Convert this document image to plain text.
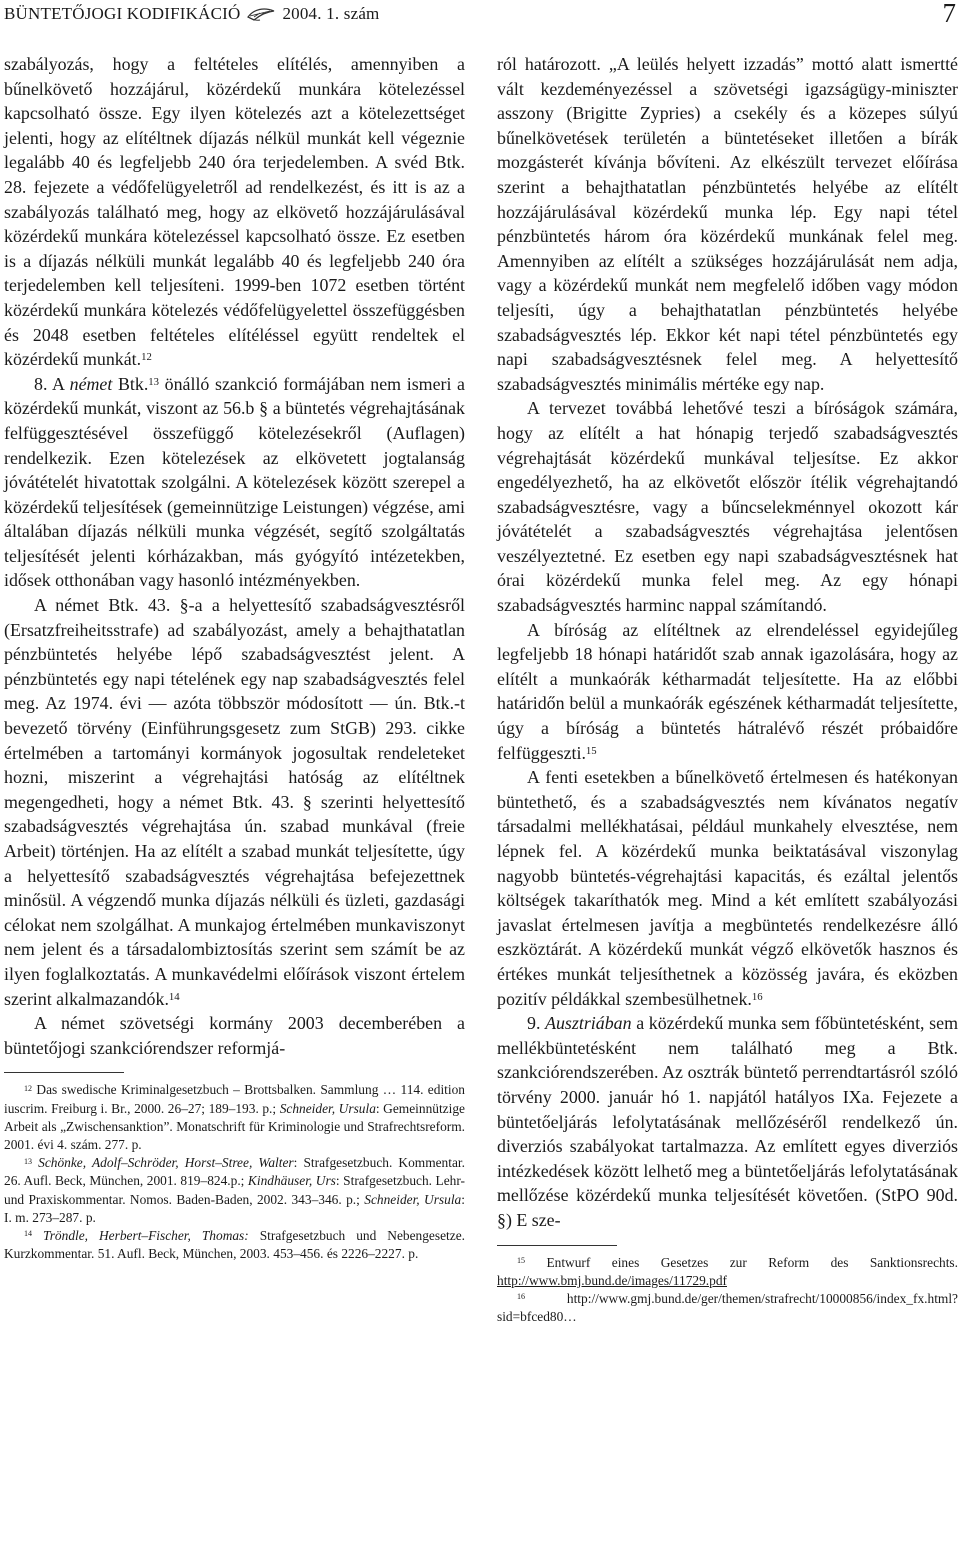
BÜNTETŐJOGI KODIFIKÁCIÓ 2004. 1. szám	7

szabályozás, hogy a feltételes elítélés, amennyiben a bűnelkövető hozzájárul, közérdekű munkára kötelezéssel kapcsolható össze. Egy ilyen kötelezés azt a kötelezettséget jelenti, hogy az elítéltnek díjazás nélkül munkát kell végeznie legalább 40 és legfeljebb 240 óra terjedelemben. A svéd Btk. 28. fejezete a védőfelügyeletről ad rendelkezést, és itt is az a szabályozás található meg, hogy az elkövető hozzájárulásával közérdekű munkára kötelezéssel kapcsolható össze. Ez esetben is a díjazás nélküli munkát legalább 40 és legfeljebb 240 óra terjedelemben kell teljesíteni. 1999-ben 1072 esetben történt közérdekű munkára kötelezés védőfelügyelettel összefüggésben és 2048 esetben feltételes elítéléssel együtt rendeltek el közérdekű munkát.$^{12}$

8. A német Btk.$^{13}$ önálló szankció formájában nem ismeri a közérdekű munkát, viszont az 56.b § a büntetés végrehajtásának felfüggesztésével összefüggő kötelezésekről (Auflagen) rendelkezik. Ezen kötelezések az elkövetett jogtalanság jóvátételét hivatottak szolgálni. A kötelezések között szerepel a közérdekű teljesítések (gemeinnützige Leistungen) végzése, ami általában díjazás nélküli munka végzését, segítő szolgáltatás teljesítését jelenti kórházakban, más gyógyító intézetekben, idősek otthonában vagy hasonló intézményekben.

A német Btk. 43. §-a a helyettesítő szabadságvesztésről (Ersatzfreiheitsstrafe) ad szabályozást, amely a behajthatatlan pénzbüntetés helyébe lépő szabadságvesztést jelent. A pénzbüntetés egy napi tételének egy nap szabadságvesztés felel meg. Az 1974. évi — azóta többször módosított — ún. Btk.-t bevezető törvény (Einführungsgesetz zum StGB) 293. cikke értelmében a tartományi kormányok jogosultak rendeleteket hozni, miszerint a végrehajtási hatóság az elítéltnek megengedheti, hogy a német Btk. 43. § szerinti helyettesítő szabadságvesztés végrehajtása ún. szabad munkával (freie Arbeit) történjen. Ha az elítélt a szabad munkát teljesítette, úgy a helyettesítő szabadságvesztés végrehajtása befejezettnek minősül. A végzendő munka díjazás nélküli és üzleti, gazdasági célokat nem szolgálhat. A munkajog értelmében munkaviszonyt nem jelent és a társadalombiztosítás szerint sem számít be az ilyen foglalkoztatás. A munkavédelmi előírások viszont értelem szerint alkalmazandók.$^{14}$

A német szövetségi kormány 2003 decemberében a büntetőjogi szankciórendszer reformjá-

$^{12}$ Das swedische Kriminalgesetzbuch – Brottsbalken. Sammlung … 114. edition iuscrim. Freiburg i. Br., 2000. 26–27; 189–193. p.; Schneider, Ursula: Gemeinnützige Arbeit als „Zwischensanktion”. Monatschrift für Kriminologie und Strafrechtsreform. 2001. évi 4. szám. 277. p.

$^{13}$ Schönke, Adolf–Schröder, Horst–Stree, Walter: Strafgesetzbuch. Kommentar. 26. Aufl. Beck, München, 2001. 819–824.p.; Kindhäuser, Urs: Strafgesetzbuch. Lehr- und Praxiskommentar. Nomos. Baden-Baden, 2002. 343–346. p.; Schneider, Ursula: I. m. 273–287. p.

$^{14}$ Tröndle, Herbert–Fischer, Thomas: Strafgesetzbuch und Nebengesetze. Kurzkommentar. 51. Aufl. Beck, München, 2003. 453–456. és 2226–2227. p.

ról határozott. „A leülés helyett izzadás” mottó alatt ismertté vált kezdeményezéssel a szövetségi igazságügy-miniszter asszony (Brigitte Zypries) a csekély és a közepes súlyú bűnelkövetések területén a büntetéseket illetően a bírák mozgásterét kívánja bővíteni. Az elkészült tervezet előírása szerint a behajthatatlan pénzbüntetés helyébe az elítélt hozzájárulásával közérdekű munka lép. Egy napi tétel pénzbüntetés három óra közérdekű munkának felel meg. Amennyiben az elítélt a szükséges hozzájárulását nem adja, vagy a közérdekű munkát nem megfelelő időben vagy módon teljesíti, úgy a behajthatatlan pénzbüntetés helyébe szabadságvesztés lép. Ekkor két napi tétel pénzbüntetés egy napi szabadságvesztésnek felel meg. A helyettesítő szabadságvesztés minimális mértéke egy nap.

A tervezet továbbá lehetővé teszi a bíróságok számára, hogy az elítélt a hat hónapig terjedő szabadságvesztés végrehajtását közérdekű munkával teljesítse. Ez akkor engedélyezhető, ha az elkövetőt először ítélik végrehajtandó szabadságvesztésre, vagy a bűncselekménnyel okozott kár jóvátételét a szabadságvesztés végrehajtása jelentősen veszélyeztetné. Ez esetben egy napi szabadságvesztésnek hat órai közérdekű munka felel meg. Az egy hónapi szabadságvesztés harminc nappal számítandó.

A bíróság az elítéltnek az elrendeléssel egyidejűleg legfeljebb 18 hónapi határidőt szab annak igazolására, hogy az elítélt a munkaórák kétharmadát teljesítette. Ha az előbbi határidőn belül a munkaórák egészének kétharmadát teljesítette, úgy a bíróság a büntetés hátralévő részét próbaidőre felfüggeszti.$^{15}$

A fenti esetekben a bűnelkövető értelmesen és hatékonyan büntethető, és a szabadságvesztés nem kívánatos negatív társadalmi mellékhatásai, például munkahely elvesztése, nem lépnek fel. A közérdekű munka beiktatásával viszonylag nagyobb büntetés-végrehajtási kapacitás, és ezáltal jelentős költségek takaríthatók meg. Mind a két említett szabályozási javaslat értelmesen javítja a megbüntetés rendelkezésre álló eszköztárát. A közérdekű munkát végző elkövetők hasznos és értékes munkát teljesíthetnek a közösség javára, és eközben pozitív példákkal szembesülhetnek.$^{16}$

9. Ausztriában a közérdekű munka sem főbüntetésként, sem mellékbüntetésként nem található meg a Btk. szankciórendszerében. Az osztrák büntető perrendtartásról szóló törvény 2000. január hó 1. napjától hatályos IXa. Fejezete a büntetőeljárás lefolytatásának mellőzéséről rendelkező ún. diverziós szabályokat tartalmazza. Az említett egyes diverziós intézkedések között lelhető meg a büntetőeljárás lefolytatásának mellőzése közérdekű munka teljesítését követően. (StPO 90d. §) E sze-

$^{15}$ Entwurf eines Gesetzes zur Reform des Sanktionsrechts. http://www.bmj.bund.de/images/11729.pdf

$^{16}$ http://www.gmj.bund.de/ger/themen/strafrecht/10000856/index_fx.html?sid=bfced80…
